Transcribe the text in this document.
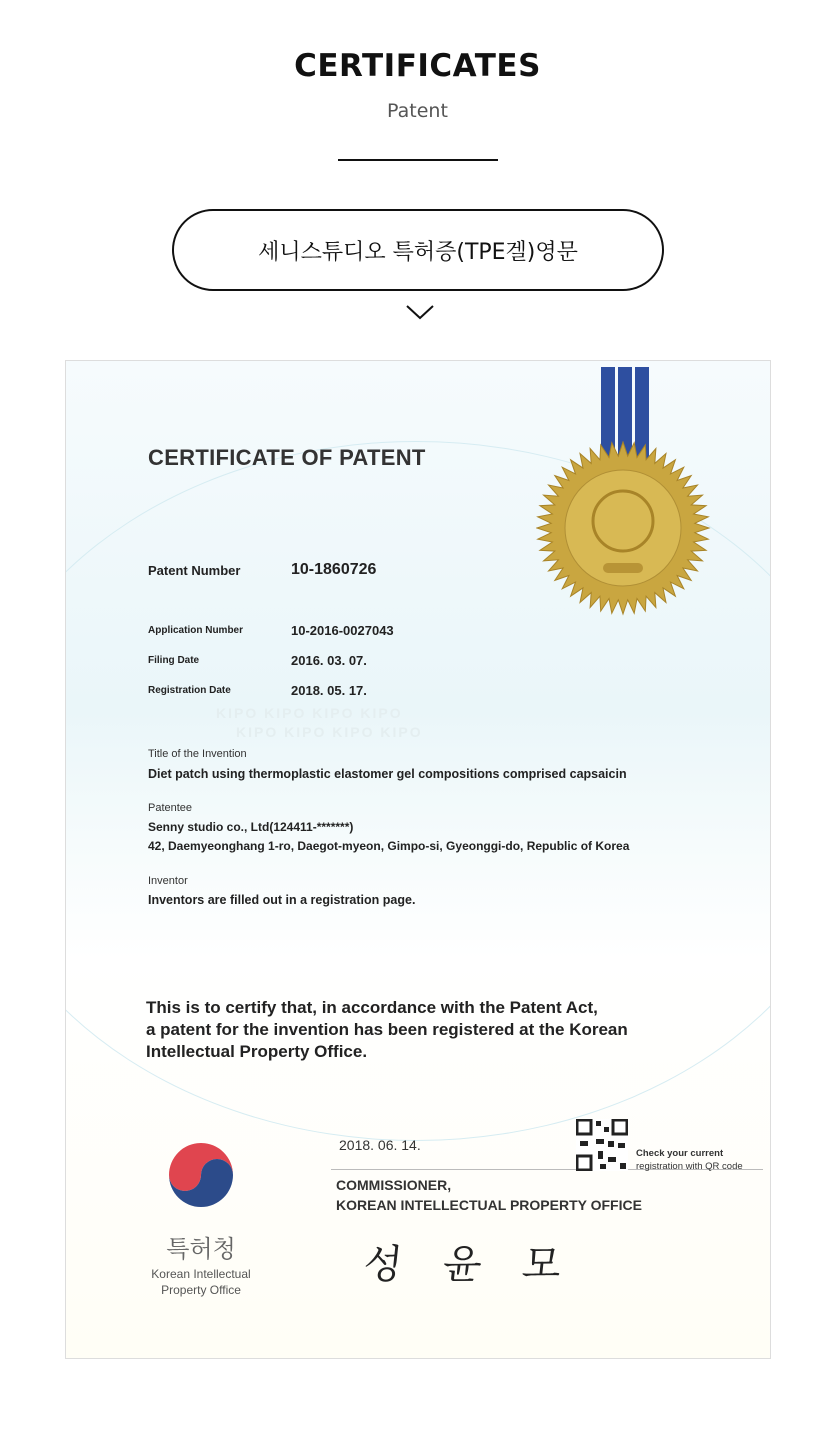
CERTIFICATES
Patent
세니스튜디오 특허증(TPE겔)영문
KIPO KIPO KIPO KIPO
KIPO KIPO KIPO KIPO
CERTIFICATE OF PATENT
Patent Number	10-1860726
Application Number	10-2016-0027043
Filing Date	2016. 03. 07.
Registration Date	2018. 05. 17.
Title of the Invention
Diet patch using thermoplastic elastomer gel compositions comprised capsaicin
Patentee
Senny studio co., Ltd(124411-*******)
42, Daemyeonghang 1-ro, Daegot-myeon, Gimpo-si, Gyeonggi-do, Republic of Korea
Inventor
Inventors are filled out in a registration page.
This is to certify that, in accordance with the Patent Act,
a patent for the invention has been registered at the Korean
Intellectual Property Office.
특허청
Korean Intellectual
Property Office
2018. 06. 14.
Check your current
registration with QR code
COMMISSIONER,
KOREAN INTELLECTUAL PROPERTY OFFICE
성 윤 모
